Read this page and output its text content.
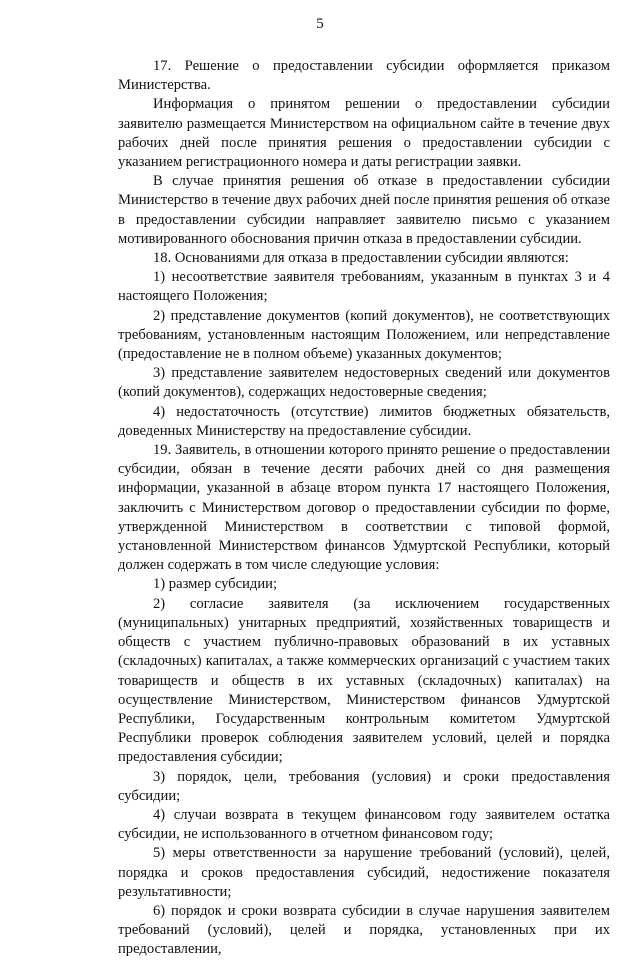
5

17. Решение о предоставлении субсидии оформляется приказом Министерства.

Информация о принятом решении о предоставлении субсидии заявителю размещается Министерством на официальном сайте в течение двух рабочих дней после принятия решения о предоставлении субсидии с указанием регистрационного номера и даты регистрации заявки.

В случае принятия решения об отказе в предоставлении субсидии Министерство в течение двух рабочих дней после принятия решения об отказе в предоставлении субсидии направляет заявителю письмо с указанием мотивированного обоснования причин отказа в предоставлении субсидии.

18. Основаниями для отказа в предоставлении субсидии являются:

1) несоответствие заявителя требованиям, указанным в пунктах 3 и 4 настоящего Положения;

2) представление документов (копий документов), не соответствующих требованиям, установленным настоящим Положением, или непредставление (предоставление не в полном объеме) указанных документов;

3) представление заявителем недостоверных сведений или документов (копий документов), содержащих недостоверные сведения;

4) недостаточность (отсутствие) лимитов бюджетных обязательств, доведенных Министерству на предоставление субсидии.

19. Заявитель, в отношении которого принято решение о предоставлении субсидии, обязан в течение десяти рабочих дней со дня размещения информации, указанной в абзаце втором пункта 17 настоящего Положения, заключить с Министерством договор о предоставлении субсидии по форме, утвержденной Министерством в соответствии с типовой формой, установленной Министерством финансов Удмуртской Республики, который должен содержать в том числе следующие условия:

1) размер субсидии;

2) согласие заявителя (за исключением государственных (муниципальных) унитарных предприятий, хозяйственных товариществ и обществ с участием публично-правовых образований в их уставных (складочных) капиталах, а также коммерческих организаций с участием таких товариществ и обществ в их уставных (складочных) капиталах) на осуществление Министерством, Министерством финансов Удмуртской Республики, Государственным контрольным комитетом Удмуртской Республики проверок соблюдения заявителем условий, целей и порядка предоставления субсидии;

3) порядок, цели, требования (условия) и сроки предоставления субсидии;

4) случаи возврата в текущем финансовом году заявителем остатка субсидии, не использованного в отчетном финансовом году;

5) меры ответственности за нарушение требований (условий), целей, порядка и сроков предоставления субсидий, недостижение показателя результативности;

6) порядок и сроки возврата субсидии в случае нарушения заявителем требований (условий), целей и порядка, установленных при их предоставлении,
